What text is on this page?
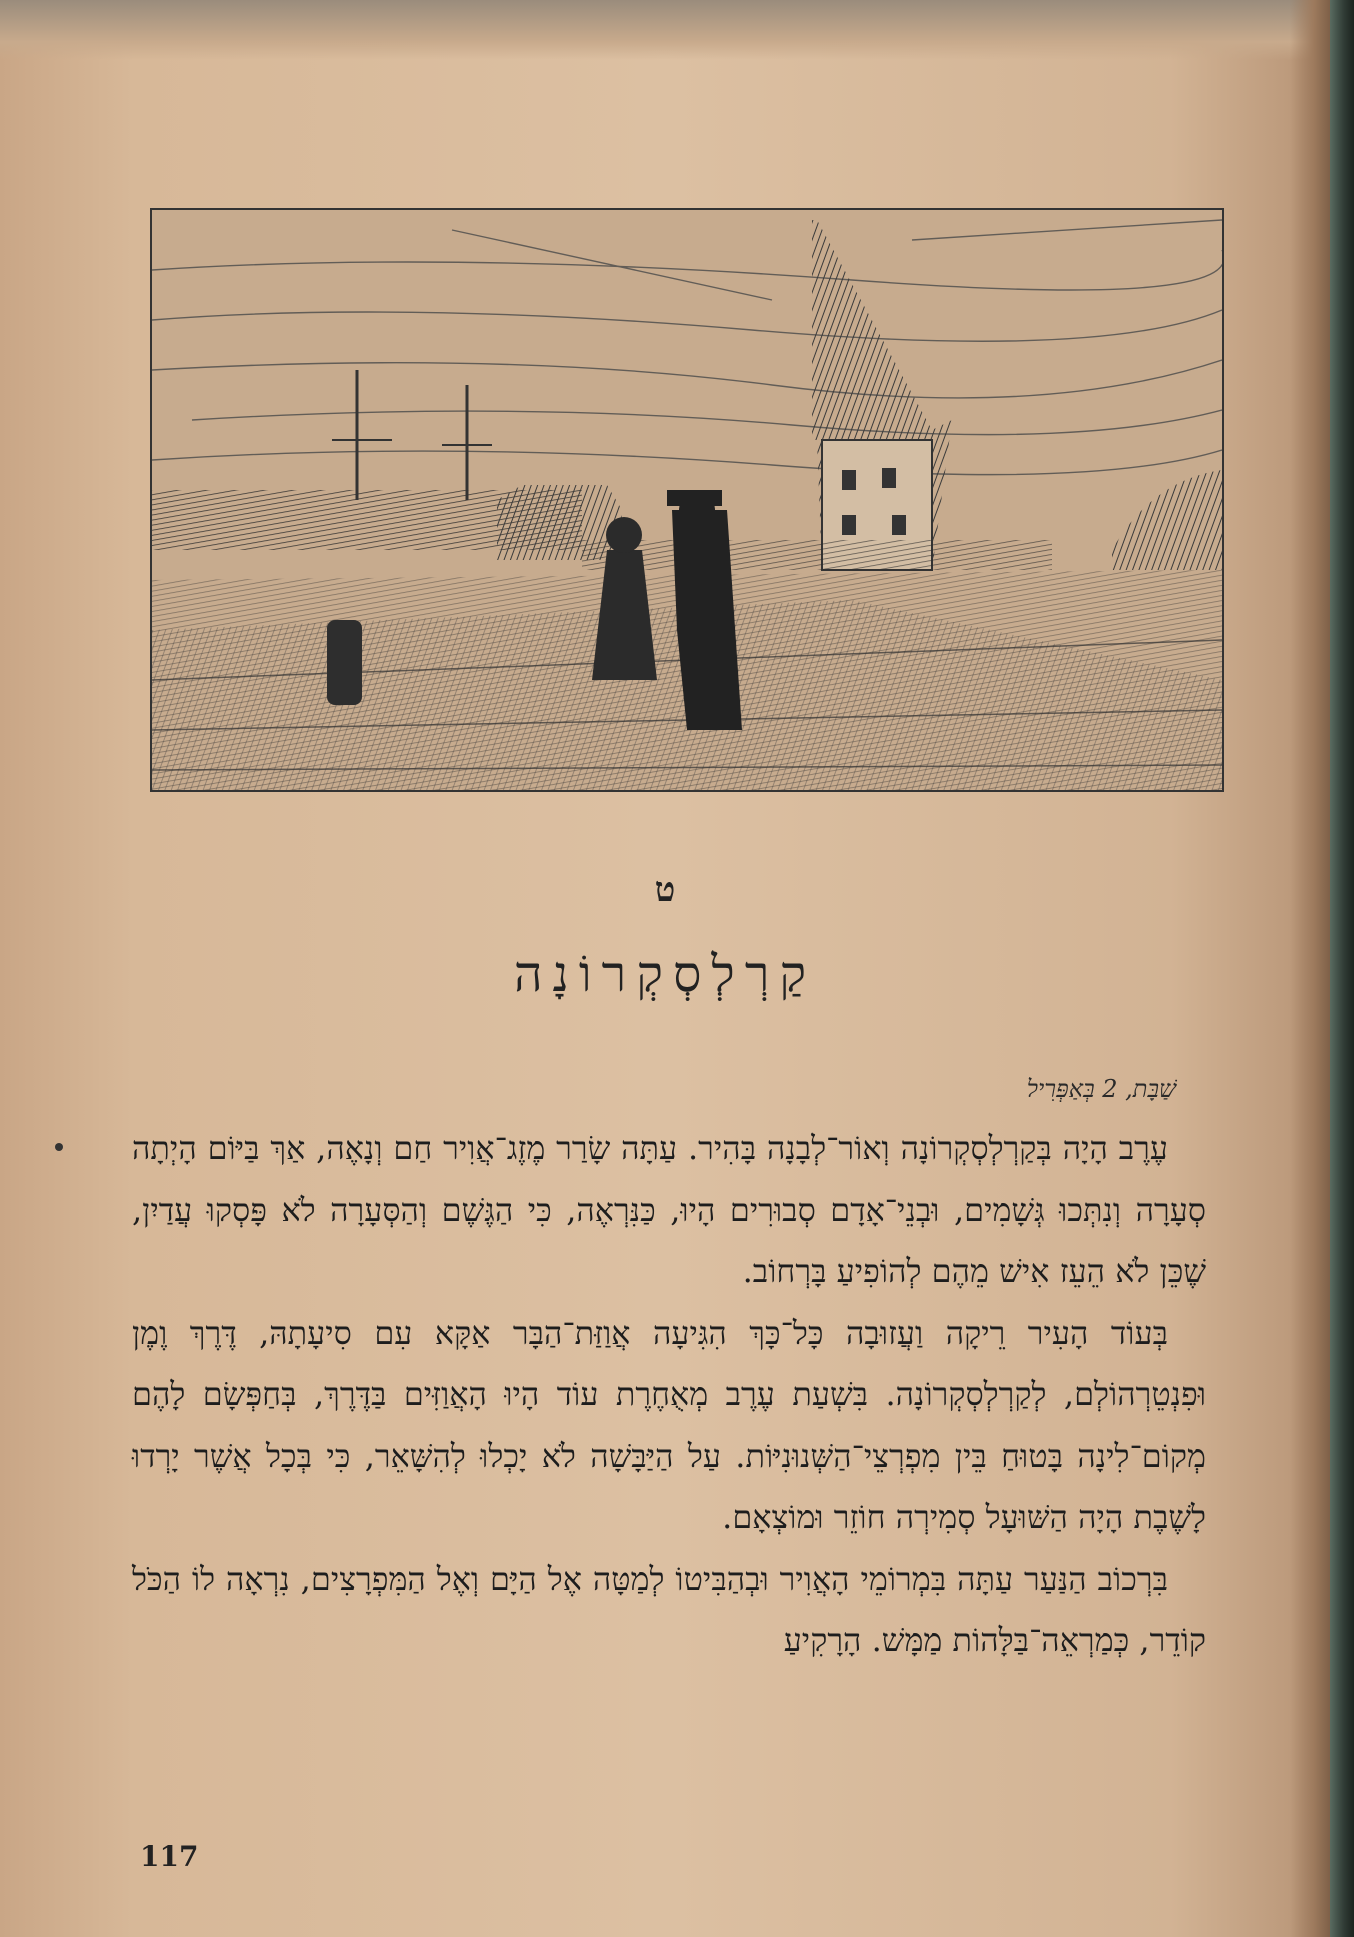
ט
קַרְלְסְקְרוֹנָה
שַׁבָּת, 2 בְּאַפְּרִיל

עֶרֶב הָיָה בְּקַרְלְסְקְרוֹנָה וְאוֹר־לְבָנָה בָּהִיר. עַתָּה שָׂרַר מֶזֶג־אֲוִיר חַם וְנָאֶה, אַךְ בַּיּוֹם הָיְתָה סְעָרָה וְנִתְּכוּ גְּשָׁמִים, וּבְנֵי־אָדָם סְבוּרִים הָיוּ, כַּנִּרְאֶה, כִּי הַגֶּשֶׁם וְהַסְּעָרָה לֹא פָּסְקוּ עֲדַיִן, שֶׁכֵּן לֹא הֵעֵז אִישׁ מֵהֶם לְהוֹפִיעַ בָּרְחוֹב.

בְּעוֹד הָעִיר רֵיקָה וַעֲזוּבָה כָּל־כָּךְ הִגִּיעָה אֲוַזַּת־הַבָּר אַקָּא עִם סִיעָתָהּ, דֶּרֶךְ וֶמֶן וּפִנְטֵרְהוֹלְם, לְקַרְלְסְקְרוֹנָה. בִּשְׁעַת עֶרֶב מְאֻחֶרֶת עוֹד הָיוּ הָאֲוַזִּים בַּדֶּרֶךְ, בְּחַפְּשָׂם לָהֶם מְקוֹם־לִינָה בָּטוּחַ בֵּין מִפְרְצֵי־הַשְּׁנוּנִיּוֹת. עַל הַיַּבָּשָׁה לֹא יָכְלוּ לְהִשָּׁאֵר, כִּי בְּכָל אֲשֶׁר יָרְדוּ לָשֶׁבֶת הָיָה הַשּׁוּעָל סְמִירְה חוֹזֵר וּמוֹצְאָם.

בִּרְכוֹב הַנַּעַר עַתָּה בִּמְרוֹמֵי הָאֲוִיר וּבְהַבִּיטוֹ לְמַטָּה אֶל הַיָּם וְאֶל הַמִּפְרָצִים, נִרְאָה לוֹ הַכֹּל קוֹדֵר, כְּמַרְאֵה־בַּלָּהוֹת מַמָּשׁ. הָרָקִיעַ

117
